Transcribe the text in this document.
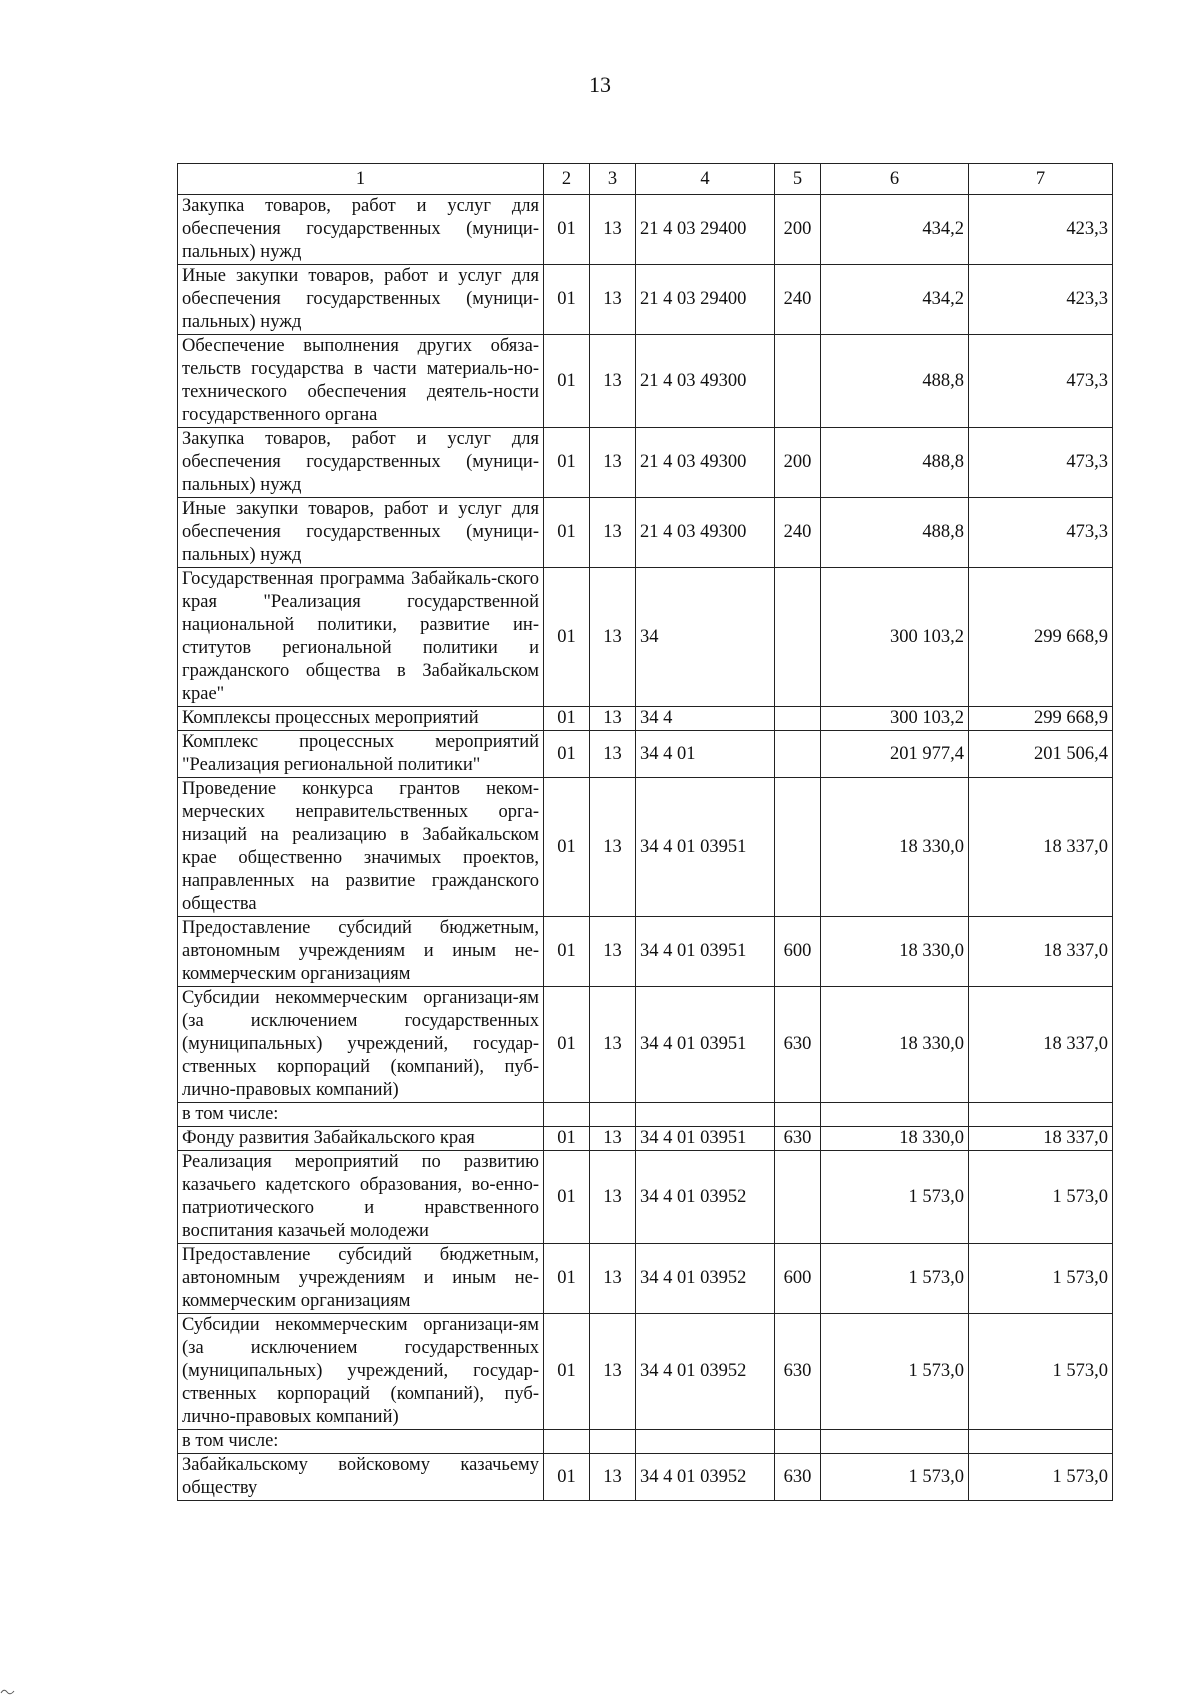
13
1	2	3	4	5	6	7
Закупка товаров, работ и услуг для обеспечения государственных (муници-пальных) нужд	01	13	21 4 03 29400	200	434,2	423,3
Иные закупки товаров, работ и услуг для обеспечения государственных (муници-пальных) нужд	01	13	21 4 03 29400	240	434,2	423,3
Обеспечение выполнения других обяза-тельств государства в части материаль-но-технического обеспечения деятель-ности государственного органа	01	13	21 4 03 49300		488,8	473,3
Закупка товаров, работ и услуг для обеспечения государственных (муници-пальных) нужд	01	13	21 4 03 49300	200	488,8	473,3
Иные закупки товаров, работ и услуг для обеспечения государственных (муници-пальных) нужд	01	13	21 4 03 49300	240	488,8	473,3
Государственная программа Забайкаль-ского края "Реализация государственной национальной политики, развитие ин-ститутов региональной политики и гражданского общества в Забайкальском крае"	01	13	34		300 103,2	299 668,9
Комплексы процессных мероприятий	01	13	34 4		300 103,2	299 668,9
Комплекс процессных мероприятий "Реализация региональной политики"	01	13	34 4 01		201 977,4	201 506,4
Проведение конкурса грантов неком-мерческих неправительственных орга-низаций на реализацию в Забайкальском крае общественно значимых проектов, направленных на развитие гражданского общества	01	13	34 4 01 03951		18 330,0	18 337,0
Предоставление субсидий бюджетным, автономным учреждениям и иным не-коммерческим организациям	01	13	34 4 01 03951	600	18 330,0	18 337,0
Субсидии некоммерческим организаци-ям (за исключением государственных (муниципальных) учреждений, государ-ственных корпораций (компаний), пуб-лично-правовых компаний)	01	13	34 4 01 03951	630	18 330,0	18 337,0
в том числе:						
Фонду развития Забайкальского края	01	13	34 4 01 03951	630	18 330,0	18 337,0
Реализация мероприятий по развитию казачьего кадетского образования, во-енно-патриотического и нравственного воспитания казачьей молодежи	01	13	34 4 01 03952		1 573,0	1 573,0
Предоставление субсидий бюджетным, автономным учреждениям и иным не-коммерческим организациям	01	13	34 4 01 03952	600	1 573,0	1 573,0
Субсидии некоммерческим организаци-ям (за исключением государственных (муниципальных) учреждений, государ-ственных корпораций (компаний), пуб-лично-правовых компаний)	01	13	34 4 01 03952	630	1 573,0	1 573,0
в том числе:						
Забайкальскому войсковому казачьему обществу	01	13	34 4 01 03952	630	1 573,0	1 573,0
